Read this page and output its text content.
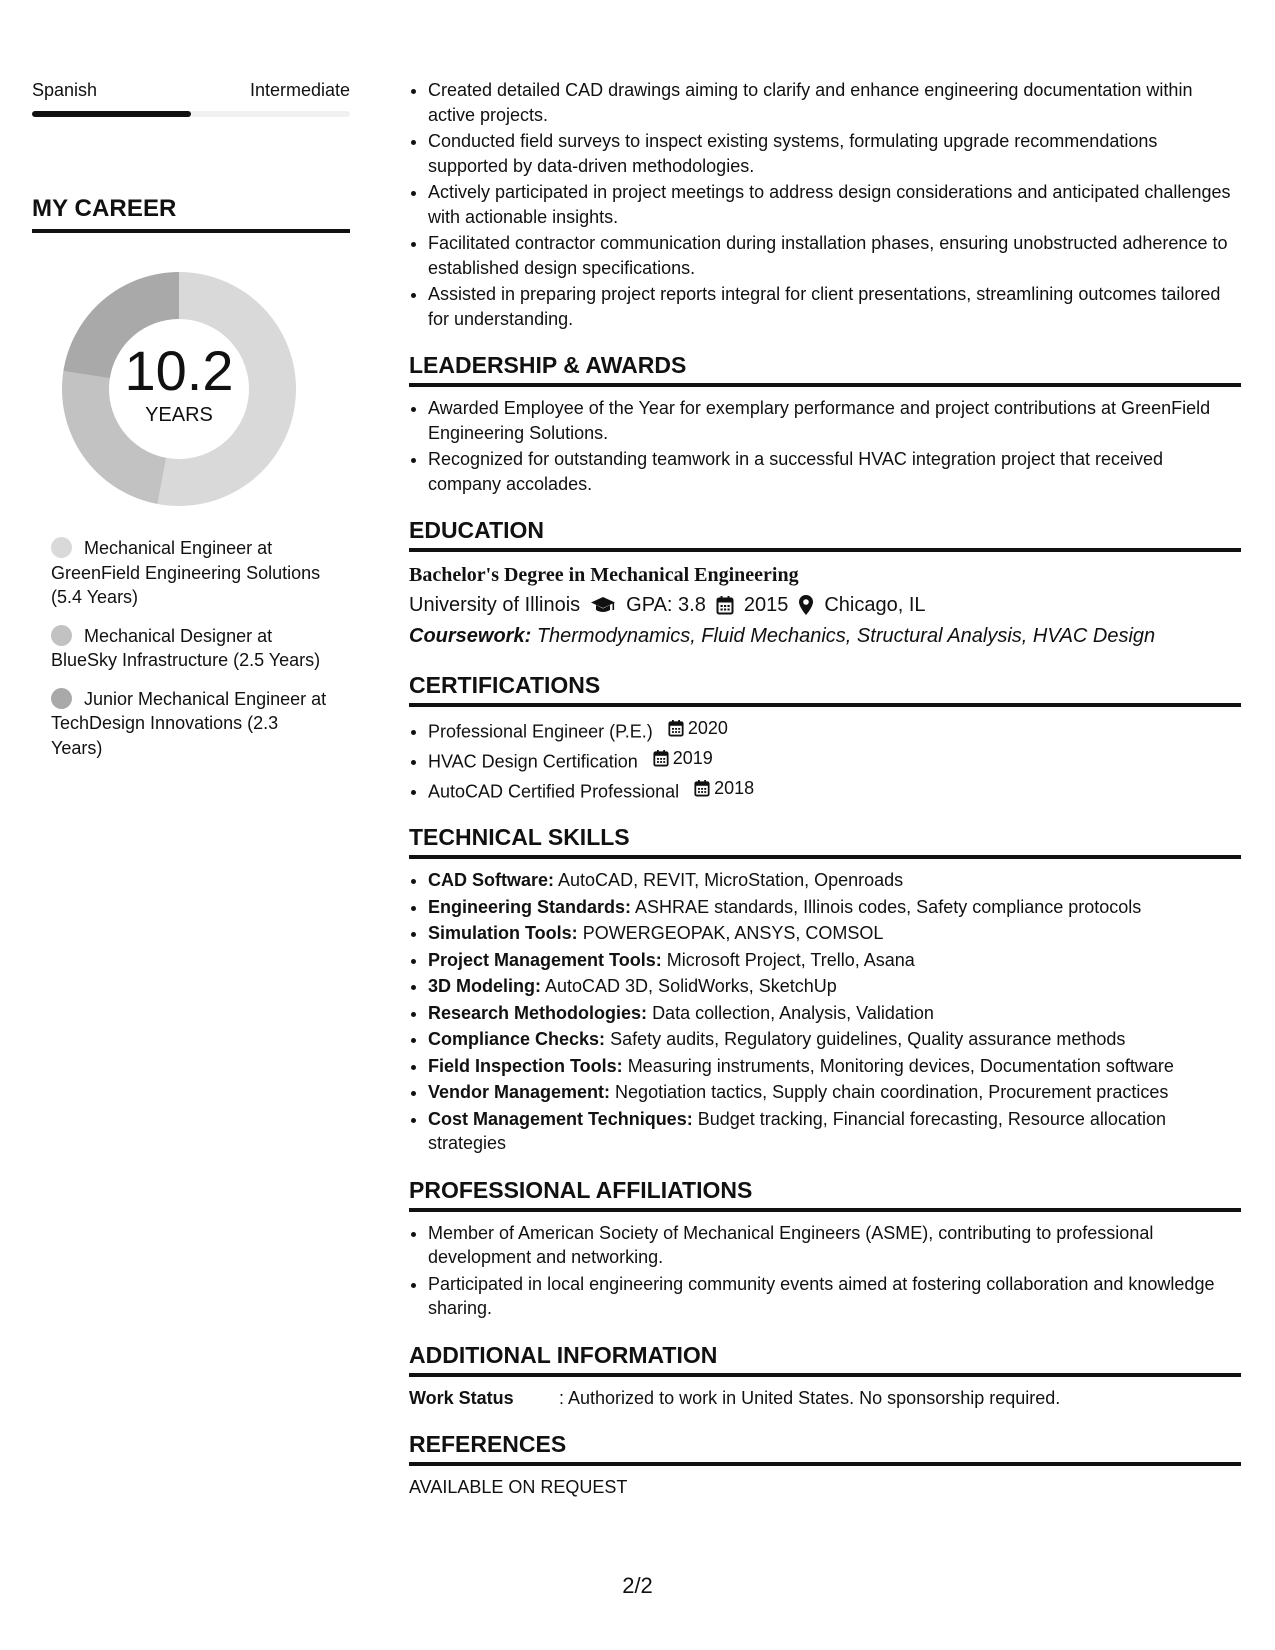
Spanish	Intermediate
MY CAREER
10.2
YEARS
Mechanical Engineer at GreenField Engineering Solutions (5.4 Years)
Mechanical Designer at BlueSky Infrastructure (2.5 Years)
Junior Mechanical Engineer at TechDesign Innovations (2.3 Years)
• Created detailed CAD drawings aiming to clarify and enhance engineering documentation within active projects.
• Conducted field surveys to inspect existing systems, formulating upgrade recommendations supported by data-driven methodologies.
• Actively participated in project meetings to address design considerations and anticipated challenges with actionable insights.
• Facilitated contractor communication during installation phases, ensuring unobstructed adherence to established design specifications.
• Assisted in preparing project reports integral for client presentations, streamlining outcomes tailored for understanding.
LEADERSHIP & AWARDS
• Awarded Employee of the Year for exemplary performance and project contributions at GreenField Engineering Solutions.
• Recognized for outstanding teamwork in a successful HVAC integration project that received company accolades.
EDUCATION
Bachelor's Degree in Mechanical Engineering
University of Illinois GPA: 3.8 2015 Chicago, IL
Coursework: Thermodynamics, Fluid Mechanics, Structural Analysis, HVAC Design
CERTIFICATIONS
• Professional Engineer (P.E.) 2020
• HVAC Design Certification 2019
• AutoCAD Certified Professional 2018
TECHNICAL SKILLS
• CAD Software: AutoCAD, REVIT, MicroStation, Openroads
• Engineering Standards: ASHRAE standards, Illinois codes, Safety compliance protocols
• Simulation Tools: POWERGEOPAK, ANSYS, COMSOL
• Project Management Tools: Microsoft Project, Trello, Asana
• 3D Modeling: AutoCAD 3D, SolidWorks, SketchUp
• Research Methodologies: Data collection, Analysis, Validation
• Compliance Checks: Safety audits, Regulatory guidelines, Quality assurance methods
• Field Inspection Tools: Measuring instruments, Monitoring devices, Documentation software
• Vendor Management: Negotiation tactics, Supply chain coordination, Procurement practices
• Cost Management Techniques: Budget tracking, Financial forecasting, Resource allocation strategies
PROFESSIONAL AFFILIATIONS
• Member of American Society of Mechanical Engineers (ASME), contributing to professional development and networking.
• Participated in local engineering community events aimed at fostering collaboration and knowledge sharing.
ADDITIONAL INFORMATION
Work Status	: Authorized to work in United States. No sponsorship required.
REFERENCES
AVAILABLE ON REQUEST
2/2
